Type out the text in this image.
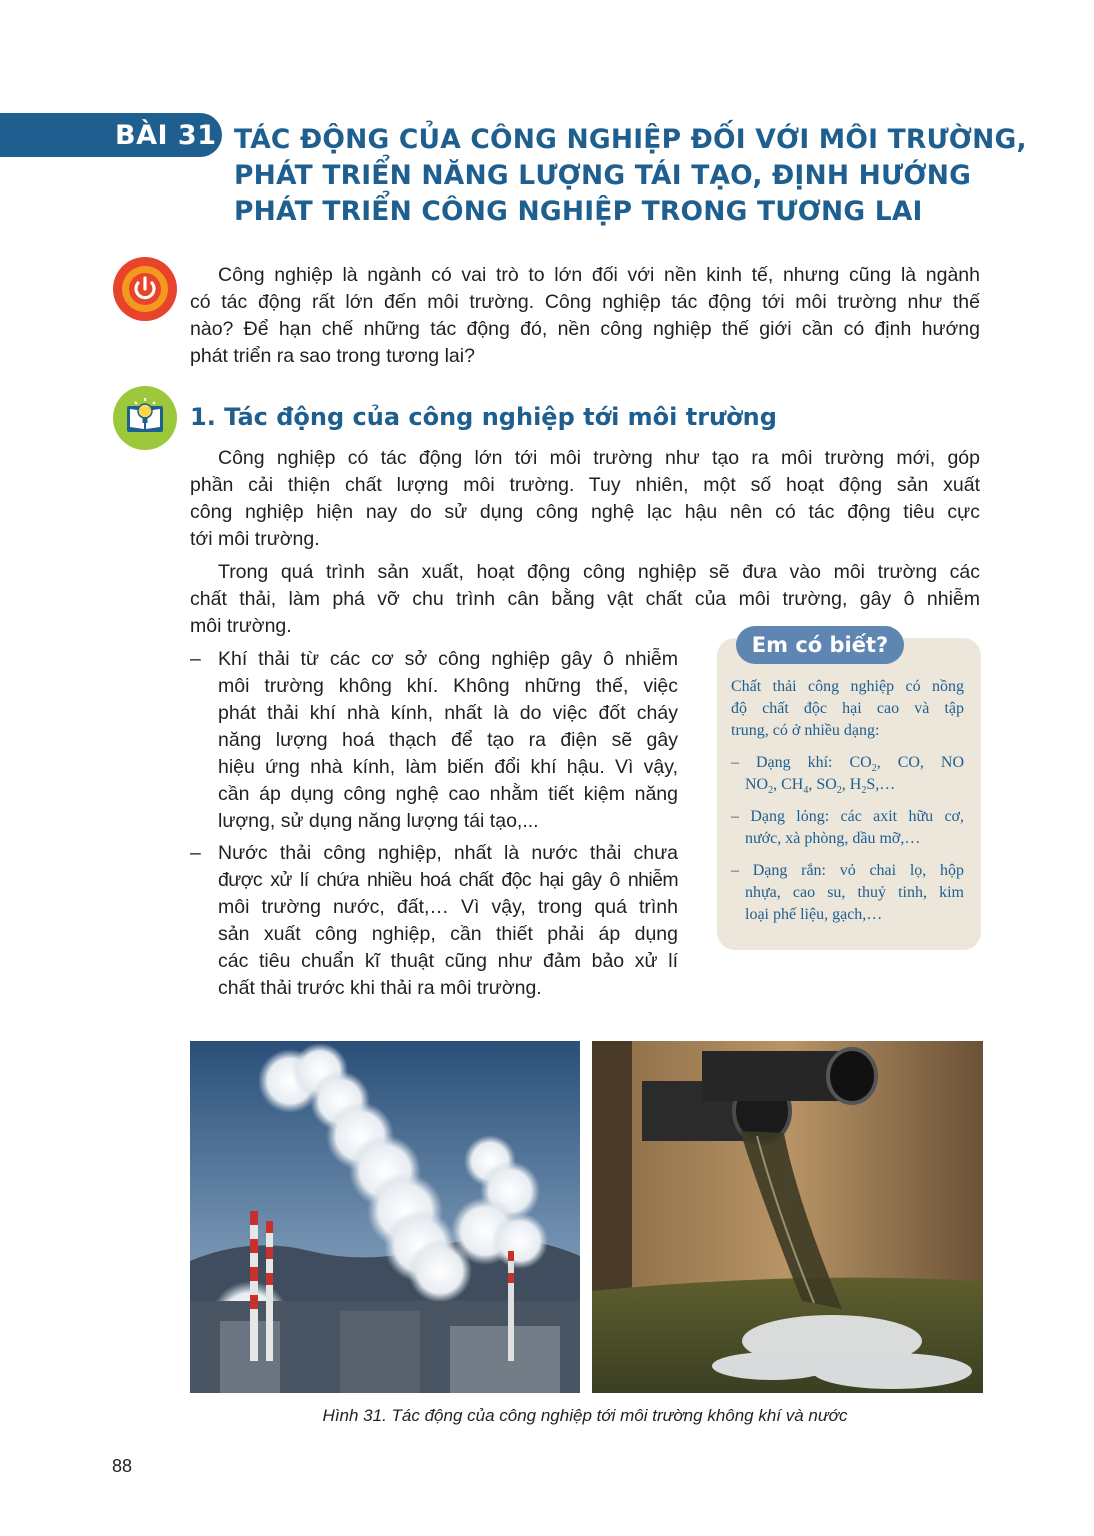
BÀI 31 TÁC ĐỘNG CỦA CÔNG NGHIỆP ĐỐI VỚI MÔI TRƯỜNG,
PHÁT TRIỂN NĂNG LƯỢNG TÁI TẠO, ĐỊNH HƯỚNG
PHÁT TRIỂN CÔNG NGHIỆP TRONG TƯƠNG LAI
Công nghiệp là ngành có vai trò to lớn đối với nền kinh tế, nhưng cũng là ngành
có tác động rất lớn đến môi trường. Công nghiệp tác động tới môi trường như thế
nào? Để hạn chế những tác động đó, nền công nghiệp thế giới cần có định hướng
phát triển ra sao trong tương lai?
1. Tác động của công nghiệp tới môi trường
Công nghiệp có tác động lớn tới môi trường như tạo ra môi trường mới, góp
phần cải thiện chất lượng môi trường. Tuy nhiên, một số hoạt động sản xuất
công nghiệp hiện nay do sử dụng công nghệ lạc hậu nên có tác động tiêu cực
tới môi trường.
Trong quá trình sản xuất, hoạt động công nghiệp sẽ đưa vào môi trường các
chất thải, làm phá vỡ chu trình cân bằng vật chất của môi trường, gây ô nhiễm
môi trường.
– Khí thải từ các cơ sở công nghiệp gây ô nhiễm
môi trường không khí. Không những thế, việc
phát thải khí nhà kính, nhất là do việc đốt cháy
năng lượng hoá thạch để tạo ra điện sẽ gây
hiệu ứng nhà kính, làm biến đổi khí hậu. Vì vậy,
cần áp dụng công nghệ cao nhằm tiết kiệm năng
lượng, sử dụng năng lượng tái tạo,...
– Nước thải công nghiệp, nhất là nước thải chưa
được xử lí chứa nhiều hoá chất độc hại gây ô nhiễm
môi trường nước, đất,… Vì vậy, trong quá trình
sản xuất công nghiệp, cần thiết phải áp dụng
các tiêu chuẩn kĩ thuật cũng như đảm bảo xử lí
chất thải trước khi thải ra môi trường.
Em có biết?
Chất thải công nghiệp có nồng
độ chất độc hại cao và tập
trung, có ở nhiều dạng:
– Dạng khí: $CO_2$, CO, NO
$NO_2$, $CH_4$, $SO_2$, $H_2S,\dots$
– Dạng lỏng: các axit hữu cơ,
nước, xà phòng, dầu mỡ,…
– Dạng rắn: vỏ chai lọ, hộp
nhựa, cao su, thuỷ tinh, kim
loại phế liệu, gạch,…
Hình 31. Tác động của công nghiệp tới môi trường không khí và nước
88
